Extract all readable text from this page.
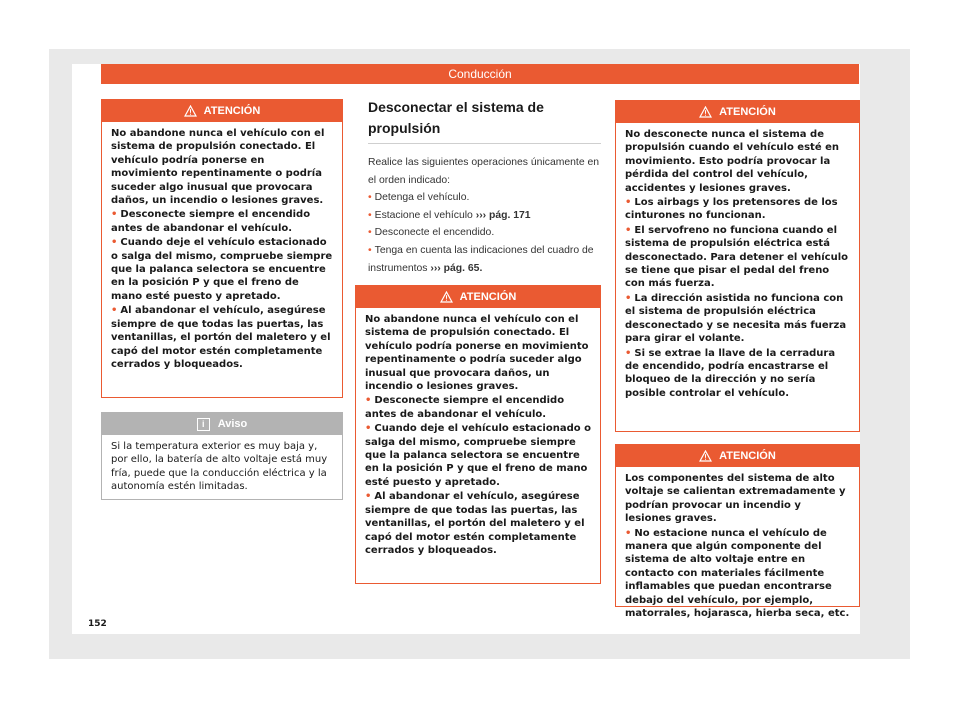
Conducción
ATENCIÓN

No abandone nunca el vehículo con el sistema de propulsión conectado. El vehículo podría ponerse en movimiento repentinamente o podría suceder algo inusual que provocara daños, un incendio o lesiones graves.

• Desconecte siempre el encendido antes de abandonar el vehículo.

• Cuando deje el vehículo estacionado o salga del mismo, compruebe siempre que la palanca selectora se encuentre en la posición P y que el freno de mano esté puesto y apretado.

• Al abandonar el vehículo, asegúrese siempre de que todas las puertas, las ventanillas, el portón del maletero y el capó del motor estén completamente cerrados y bloqueados.

i	Aviso

Si la temperatura exterior es muy baja y, por ello, la batería de alto voltaje está muy fría, puede que la conducción eléctrica y la autonomía estén limitadas.

Desconectar el sistema de propulsión

Realice las siguientes operaciones únicamente en el orden indicado:

• Detenga el vehículo.

• Estacione el vehículo ››› pág. 171

• Desconecte el encendido.

• Tenga en cuenta las indicaciones del cuadro de instrumentos ››› pág. 65.

ATENCIÓN

No abandone nunca el vehículo con el sistema de propulsión conectado. El vehículo podría ponerse en movimiento repentinamente o podría suceder algo inusual que provocara daños, un incendio o lesiones graves.

• Desconecte siempre el encendido antes de abandonar el vehículo.

• Cuando deje el vehículo estacionado o salga del mismo, compruebe siempre que la palanca selectora se encuentre en la posición P y que el freno de mano esté puesto y apretado.

• Al abandonar el vehículo, asegúrese siempre de que todas las puertas, las ventanillas, el portón del maletero y el capó del motor estén completamente cerrados y bloqueados.

ATENCIÓN

No desconecte nunca el sistema de propulsión cuando el vehículo esté en movimiento. Esto podría provocar la pérdida del control del vehículo, accidentes y lesiones graves.

• Los airbags y los pretensores de los cinturones no funcionan.

• El servofreno no funciona cuando el sistema de propulsión eléctrica está desconectado. Para detener el vehículo se tiene que pisar el pedal del freno con más fuerza.

• La dirección asistida no funciona con el sistema de propulsión eléctrica desconectado y se necesita más fuerza para girar el volante.

• Si se extrae la llave de la cerradura de encendido, podría encastrarse el bloqueo de la dirección y no sería posible controlar el vehículo.

ATENCIÓN

Los componentes del sistema de alto voltaje se calientan extremadamente y podrían provocar un incendio y lesiones graves.

• No estacione nunca el vehículo de manera que algún componente del sistema de alto voltaje entre en contacto con materiales fácilmente inflamables que puedan encontrarse debajo del vehículo, por ejemplo, matorrales, hojarasca, hierba seca, etc.

152
